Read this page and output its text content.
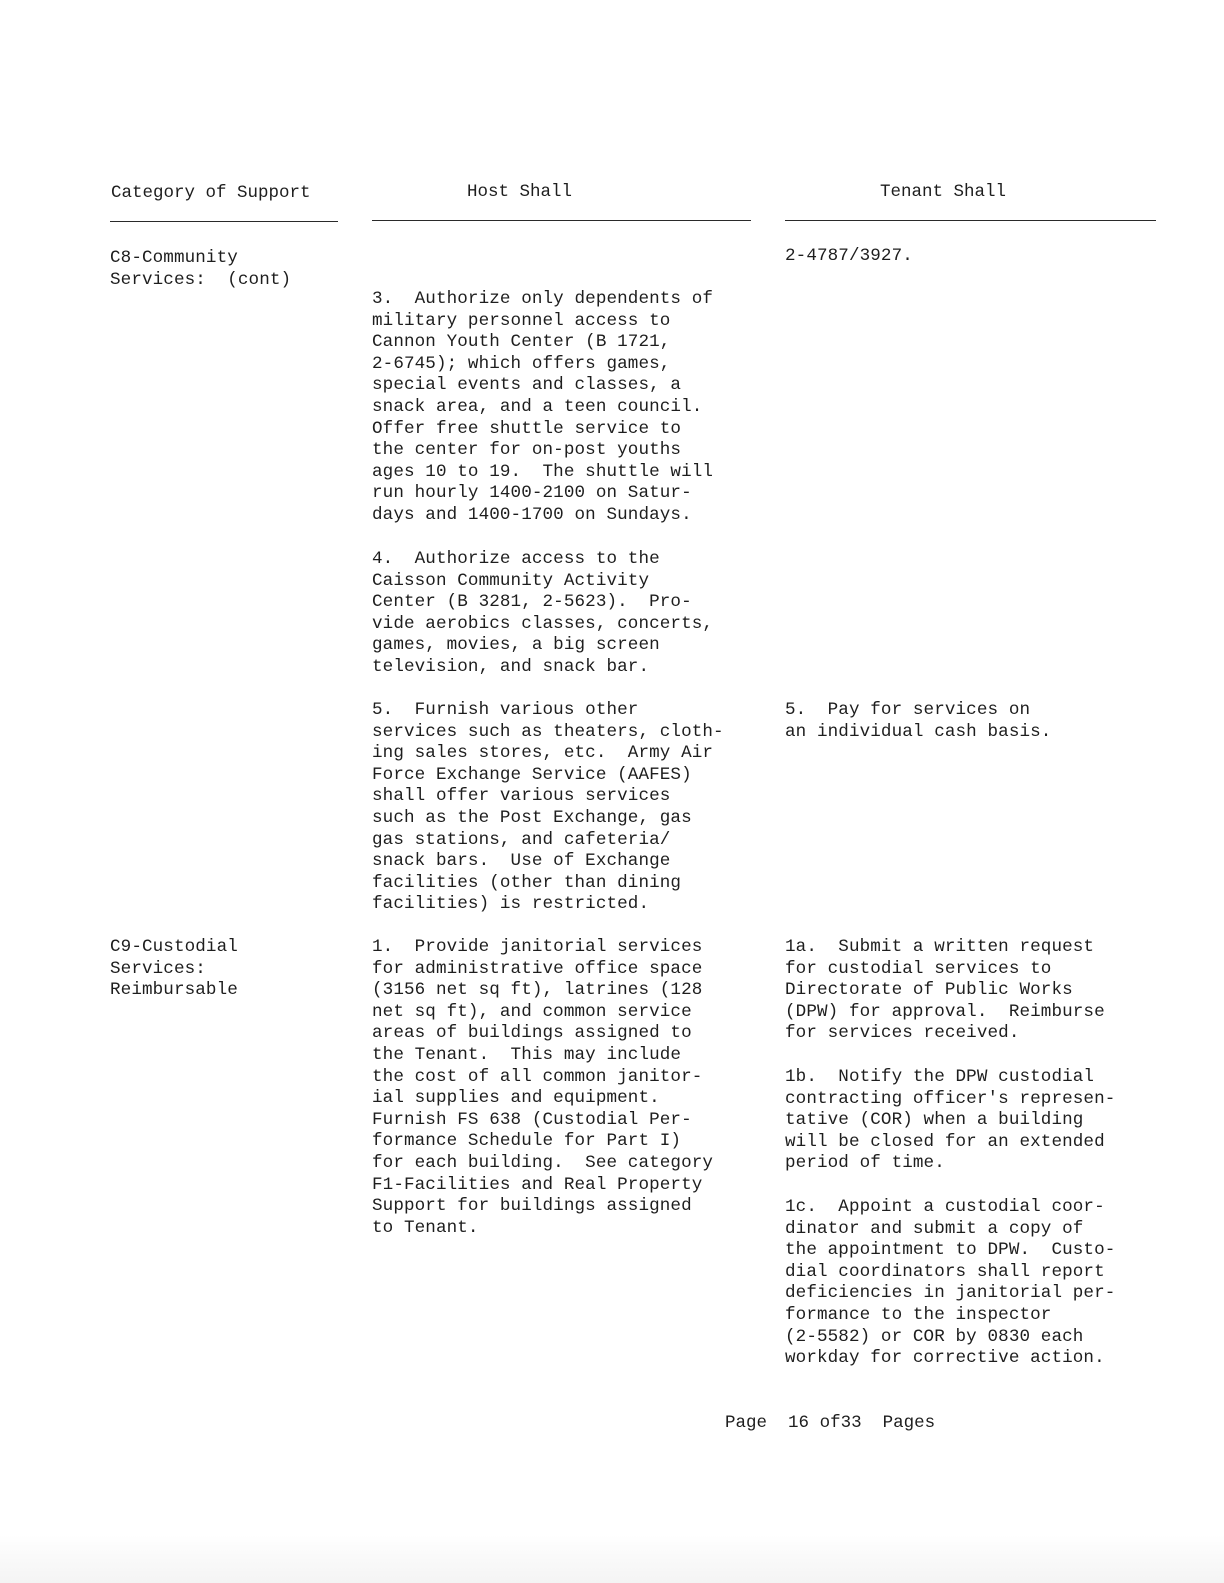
Category of Support	Host Shall	Tenant Shall
C8-Community
Services:  (cont)
2-4787/3927.
3.  Authorize only dependents of
military personnel access to
Cannon Youth Center (B 1721,
2-6745); which offers games,
special events and classes, a
snack area, and a teen council.
Offer free shuttle service to
the center for on-post youths
ages 10 to 19.  The shuttle will
run hourly 1400-2100 on Satur-
days and 1400-1700 on Sundays.
4.  Authorize access to the
Caisson Community Activity
Center (B 3281, 2-5623).  Pro-
vide aerobics classes, concerts,
games, movies, a big screen
television, and snack bar.
5.  Furnish various other
services such as theaters, cloth-
ing sales stores, etc.  Army Air
Force Exchange Service (AAFES)
shall offer various services
such as the Post Exchange, gas
gas stations, and cafeteria/
snack bars.  Use of Exchange
facilities (other than dining
facilities) is restricted.
5.  Pay for services on
an individual cash basis.
C9-Custodial
Services:
Reimbursable
1.  Provide janitorial services
for administrative office space
(3156 net sq ft), latrines (128
net sq ft), and common service
areas of buildings assigned to
the Tenant.  This may include
the cost of all common janitor-
ial supplies and equipment.
Furnish FS 638 (Custodial Per-
formance Schedule for Part I)
for each building.  See category
F1-Facilities and Real Property
Support for buildings assigned
to Tenant.
1a.  Submit a written request
for custodial services to
Directorate of Public Works
(DPW) for approval.  Reimburse
for services received.
1b.  Notify the DPW custodial
contracting officer's represen-
tative (COR) when a building
will be closed for an extended
period of time.
1c.  Appoint a custodial coor-
dinator and submit a copy of
the appointment to DPW.  Custo-
dial coordinators shall report
deficiencies in janitorial per-
formance to the inspector
(2-5582) or COR by 0830 each
workday for corrective action.
Page 16 of33 Pages
